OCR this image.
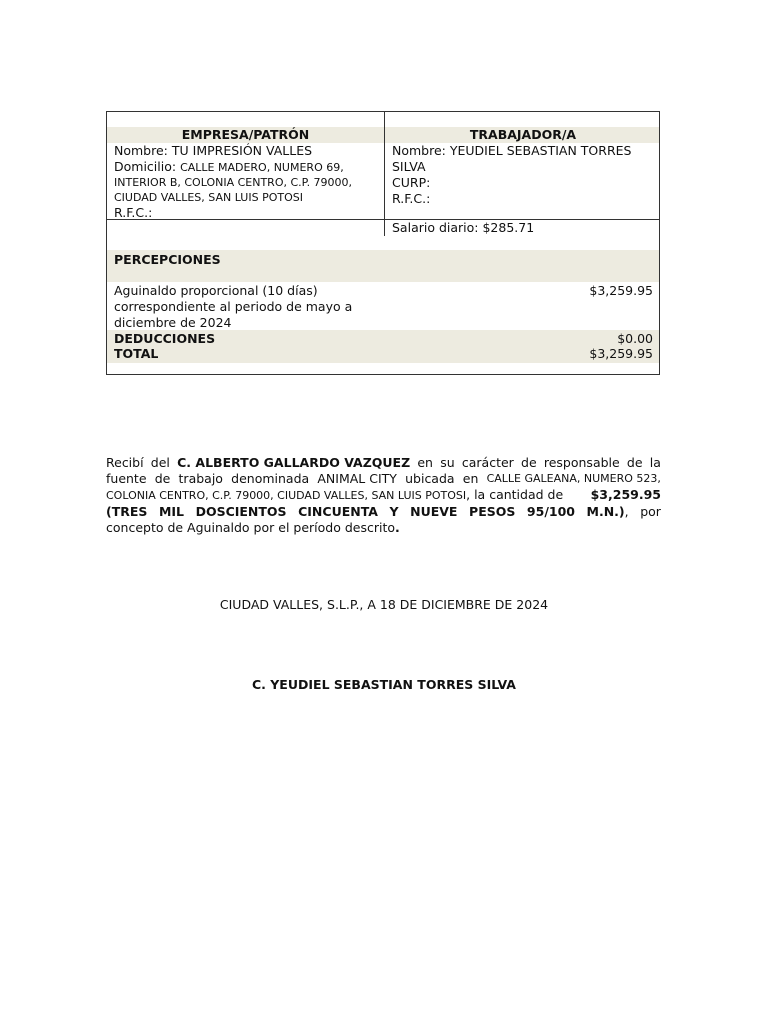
EMPRESA/PATRÓN
Nombre: TU IMPRESIÓN VALLES
Domicilio: CALLE MADERO, NUMERO 69,
INTERIOR B, COLONIA CENTRO, C.P. 79000,
CIUDAD VALLES, SAN LUIS POTOSI
R.F.C.:
TRABAJADOR/A
Nombre: YEUDIEL SEBASTIAN TORRES
SILVA
CURP:
R.F.C.:
Salario diario: $285.71
PERCEPCIONES
Aguinaldo proporcional (10 días)
correspondiente al periodo de mayo a
diciembre de 2024
$3,259.95
DEDUCCIONES	$0.00
TOTAL	$3,259.95
Recibí del C. ALBERTO GALLARDO VAZQUEZ en su carácter de responsable de la
fuente de trabajo denominada ANIMAL CITY ubicada en CALLE GALEANA, NUMERO 523,
COLONIA CENTRO, C.P. 79000, CIUDAD VALLES, SAN LUIS POTOSI, la cantidad de $3,259.95
(TRES MIL DOSCIENTOS CINCUENTA Y NUEVE PESOS 95/100 M.N.), por
concepto de Aguinaldo por el período descrito.
CIUDAD VALLES, S.L.P., A 18 DE DICIEMBRE DE 2024
C. YEUDIEL SEBASTIAN TORRES SILVA
